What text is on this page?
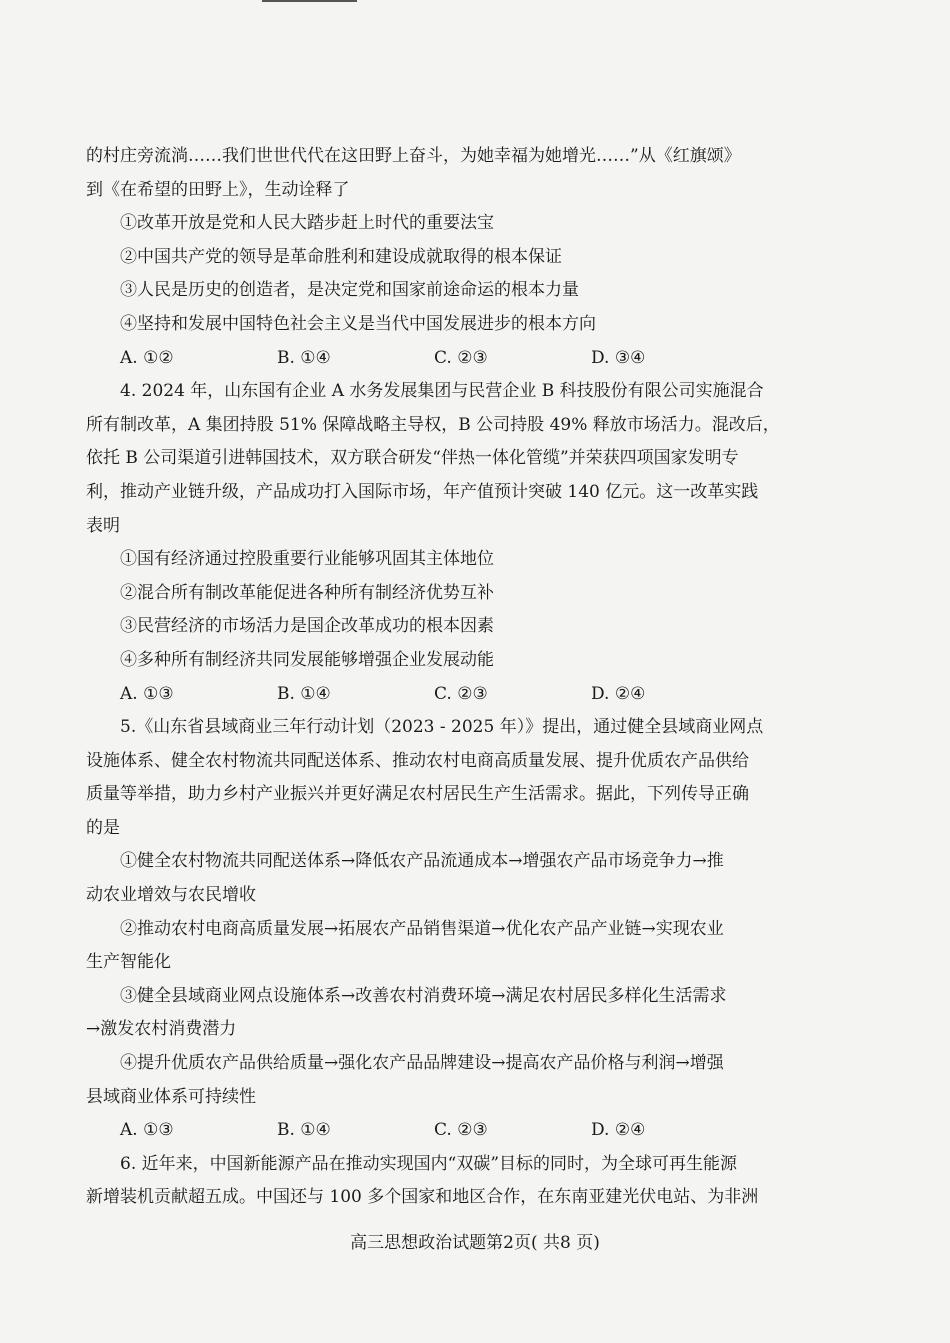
的村庄旁流淌……我们世世代代在这田野上奋斗，为她幸福为她增光……”从《红旗颂》

到《在希望的田野上》，生动诠释了

①改革开放是党和人民大踏步赶上时代的重要法宝

②中国共产党的领导是革命胜利和建设成就取得的根本保证

③人民是历史的创造者，是决定党和国家前途命运的根本力量

④坚持和发展中国特色社会主义是当代中国发展进步的根本方向

A. ①②	B. ①④	C. ②③	D. ③④

4. 2024 年，山东国有企业 A 水务发展集团与民营企业 B 科技股份有限公司实施混合

所有制改革，A 集团持股 51% 保障战略主导权，B 公司持股 49% 释放市场活力。混改后，

依托 B 公司渠道引进韩国技术，双方联合研发“伴热一体化管缆”并荣获四项国家发明专

利，推动产业链升级，产品成功打入国际市场，年产值预计突破 140 亿元。这一改革实践

表明

①国有经济通过控股重要行业能够巩固其主体地位

②混合所有制改革能促进各种所有制经济优势互补

③民营经济的市场活力是国企改革成功的根本因素

④多种所有制经济共同发展能够增强企业发展动能

A. ①③	B. ①④	C. ②③	D. ②④

5.《山东省县域商业三年行动计划（2023 - 2025 年）》提出，通过健全县域商业网点

设施体系、健全农村物流共同配送体系、推动农村电商高质量发展、提升优质农产品供给

质量等举措，助力乡村产业振兴并更好满足农村居民生产生活需求。据此，下列传导正确

的是

①健全农村物流共同配送体系→降低农产品流通成本→增强农产品市场竞争力→推

动农业增效与农民增收

②推动农村电商高质量发展→拓展农产品销售渠道→优化农产品产业链→实现农业

生产智能化

③健全县域商业网点设施体系→改善农村消费环境→满足农村居民多样化生活需求

→激发农村消费潜力

④提升优质农产品供给质量→强化农产品品牌建设→提高农产品价格与利润→增强

县域商业体系可持续性

A. ①③	B. ①④	C. ②③	D. ②④

6. 近年来，中国新能源产品在推动实现国内“双碳”目标的同时，为全球可再生能源

新增装机贡献超五成。中国还与 100 多个国家和地区合作，在东南亚建光伏电站、为非洲

高三思想政治试题第2页( 共8 页)
